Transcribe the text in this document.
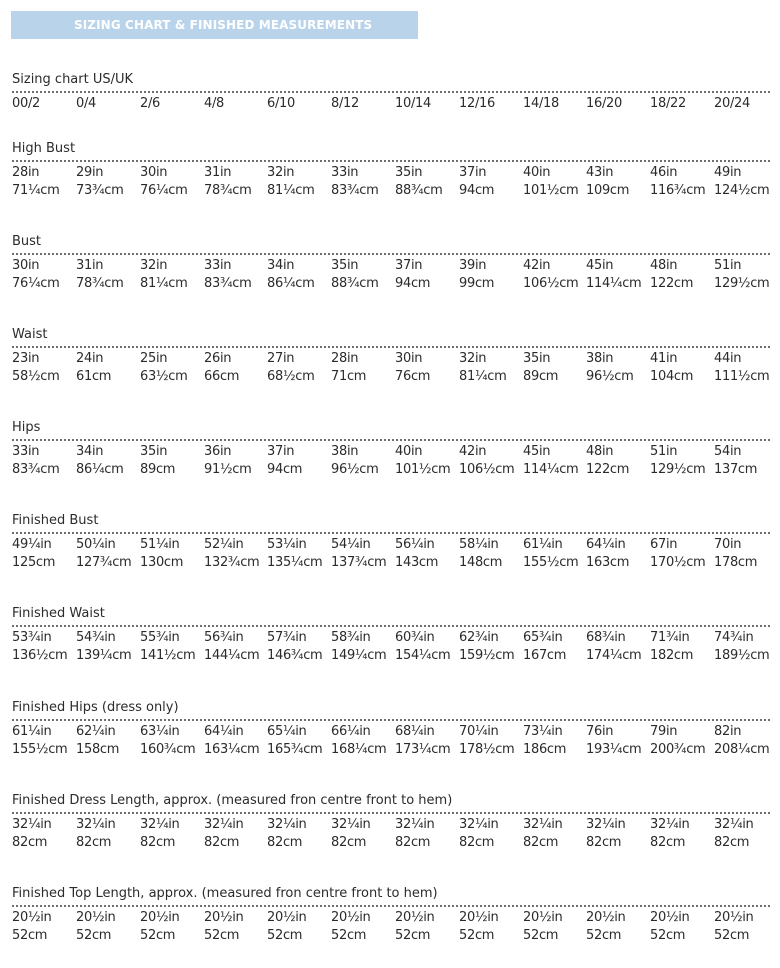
SIZING CHART & FINISHED MEASUREMENTS
Sizing chart US/UK
00/2	0/4	2/6	4/8	6/10	8/12	10/14 12/16 14/18 16/20 18/22 20/24
High Bust
28in	29in	30in	31in	32in	33in	35in	37in	40in	43in	46in	49in
71¼cm 73¾cm 76¼cm 78¾cm 81¼cm 83¾cm 88¾cm 94cm 101½cm 109cm 116¾cm 124½cm
Bust
30in	31in	32in	33in	34in	35in	37in	39in	42in	45in	48in	51in
76¼cm 78¾cm 81¼cm 83¾cm 86¼cm 88¾cm 94cm 99cm 106½cm 114¼cm 122cm 129½cm
Waist
23in	24in	25in	26in	27in	28in	30in	32in	35in	38in	41in	44in
58½cm 61cm 63½cm 66cm 68½cm 71cm 76cm 81¼cm 89cm 96½cm 104cm 111½cm
Hips
33in	34in	35in	36in	37in	38in	40in	42in	45in	48in	51in	54in
83¾cm 86¼cm 89cm 91½cm 94cm 96½cm 101½cm 106½cm 114¼cm 122cm 129½cm 137cm
Finished Bust
49¼in 50¼in 51¼in 52¼in 53¼in 54¼in 56¼in 58¼in 61¼in 64¼in 67in	70in
125cm 127¾cm 130cm 132¾cm 135¼cm 137¾cm 143cm 148cm 155½cm 163cm 170½cm 178cm
Finished Waist
53¾in 54¾in 55¾in 56¾in 57¾in 58¾in 60¾in 62¾in 65¾in 68¾in 71¾in 74¾in
136½cm 139¼cm 141½cm 144¼cm 146¾cm 149¼cm 154¼cm 159½cm 167cm 174¼cm 182cm 189½cm
Finished Hips (dress only)
61¼in 62¼in 63¼in 64¼in 65¼in 66¼in 68¼in 70¼in 73¼in 76in	79in	82in
155½cm 158cm 160¾cm 163¼cm 165¾cm 168¼cm 173¼cm 178½cm 186cm 193¼cm 200¾cm 208¼cm
Finished Dress Length, approx. (measured fron centre front to hem)
32¼in 32¼in 32¼in 32¼in 32¼in 32¼in 32¼in 32¼in 32¼in 32¼in 32¼in 32¼in
82cm 82cm 82cm 82cm 82cm 82cm 82cm 82cm 82cm 82cm 82cm 82cm
Finished Top Length, approx. (measured fron centre front to hem)
20½in 20½in 20½in 20½in 20½in 20½in 20½in 20½in 20½in 20½in 20½in 20½in
52cm 52cm 52cm 52cm 52cm 52cm 52cm 52cm 52cm 52cm 52cm 52cm
